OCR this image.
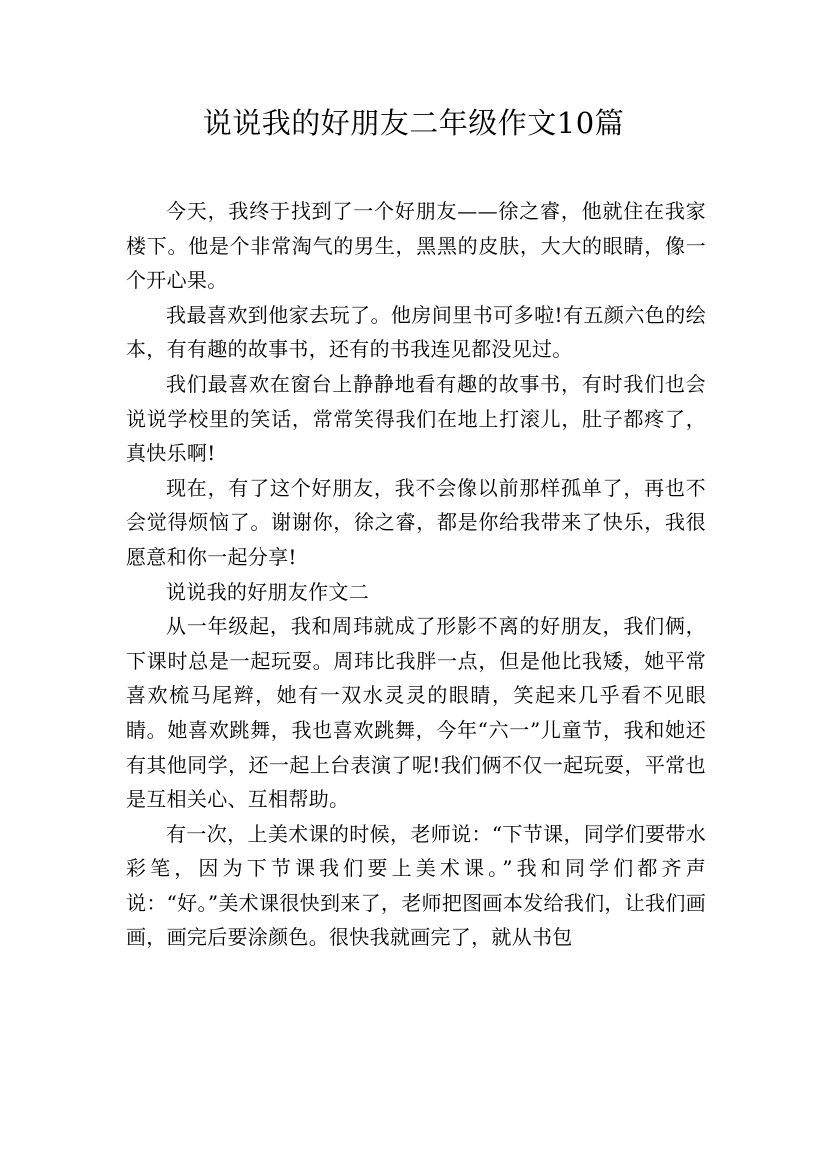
说说我的好朋友二年级作文10篇

今天，我终于找到了一个好朋友——徐之睿，他就住在我家楼下。他是个非常淘气的男生，黑黑的皮肤，大大的眼睛，像一个开心果。

我最喜欢到他家去玩了。他房间里书可多啦!有五颜六色的绘本，有有趣的故事书，还有的书我连见都没见过。

我们最喜欢在窗台上静静地看有趣的故事书，有时我们也会说说学校里的笑话，常常笑得我们在地上打滚儿，肚子都疼了，真快乐啊!

现在，有了这个好朋友，我不会像以前那样孤单了，再也不会觉得烦恼了。谢谢你，徐之睿，都是你给我带来了快乐，我很愿意和你一起分享!

说说我的好朋友作文二

从一年级起，我和周玮就成了形影不离的好朋友，我们俩，下课时总是一起玩耍。周玮比我胖一点，但是他比我矮，她平常喜欢梳马尾辫，她有一双水灵灵的眼睛，笑起来几乎看不见眼睛。她喜欢跳舞，我也喜欢跳舞，今年“六一”儿童节，我和她还有其他同学，还一起上台表演了呢!我们俩不仅一起玩耍，平常也是互相关心、互相帮助。

有一次，上美术课的时候，老师说：“下节课，同学们要带水彩笔，因为下节课我们要上美术课。”我和同学们都齐声说：“好。”美术课很快到来了，老师把图画本发给我们，让我们画画，画完后要涂颜色。很快我就画完了，就从书包
